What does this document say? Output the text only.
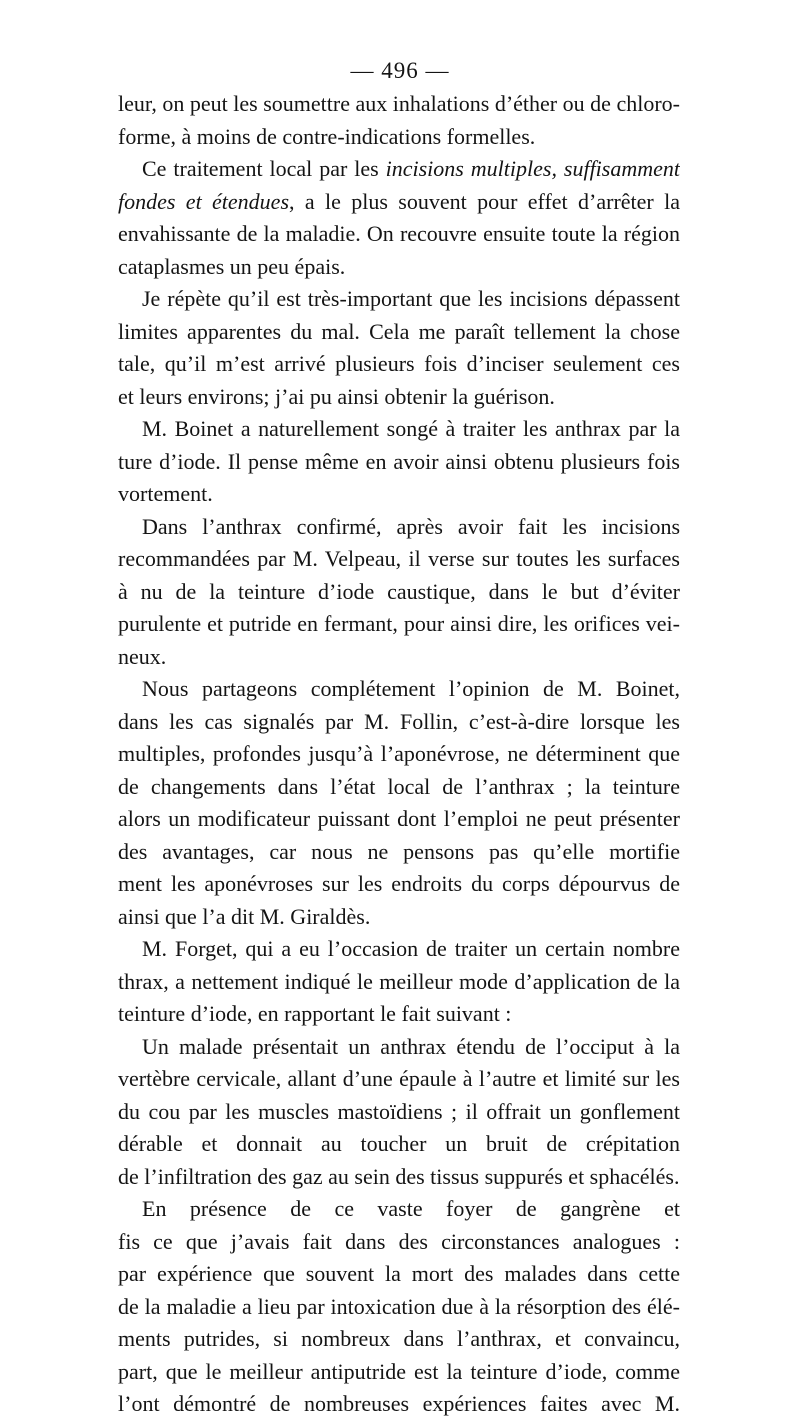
— 496 —
leur, on peut les soumettre aux inhalations d’éther ou de chloro-
forme, à moins de contre-indications formelles.
Ce traitement local par les incisions multiples, suffisamment
fondes et étendues, a le plus souvent pour effet d’arrêter la
envahissante de la maladie. On recouvre ensuite toute la région
cataplasmes un peu épais.
Je répète qu’il est très-important que les incisions dépassent
limites apparentes du mal. Cela me paraît tellement la chose
tale, qu’il m’est arrivé plusieurs fois d’inciser seulement ces
et leurs environs; j’ai pu ainsi obtenir la guérison.
M. Boinet a naturellement songé à traiter les anthrax par la
ture d’iode. Il pense même en avoir ainsi obtenu plusieurs fois
vortement.
Dans l’anthrax confirmé, après avoir fait les incisions
recommandées par M. Velpeau, il verse sur toutes les surfaces
à nu de la teinture d’iode caustique, dans le but d’éviter
purulente et putride en fermant, pour ainsi dire, les orifices vei-
neux.
Nous partageons complétement l’opinion de M. Boinet,
dans les cas signalés par M. Follin, c’est-à-dire lorsque les
multiples, profondes jusqu’à l’aponévrose, ne déterminent que
de changements dans l’état local de l’anthrax ; la teinture
alors un modificateur puissant dont l’emploi ne peut présenter
des avantages, car nous ne pensons pas qu’elle mortifie
ment les aponévroses sur les endroits du corps dépourvus de
ainsi que l’a dit M. Giraldès.
M. Forget, qui a eu l’occasion de traiter un certain nombre
thrax, a nettement indiqué le meilleur mode d’application de la
teinture d’iode, en rapportant le fait suivant :
Un malade présentait un anthrax étendu de l’occiput à la
vertèbre cervicale, allant d’une épaule à l’autre et limité sur les
du cou par les muscles mastoïdiens ; il offrait un gonflement
dérable et donnait au toucher un bruit de crépitation
de l’infiltration des gaz au sein des tissus suppurés et sphacélés.
En présence de ce vaste foyer de gangrène et
fis ce que j’avais fait dans des circonstances analogues :
par expérience que souvent la mort des malades dans cette
de la maladie a lieu par intoxication due à la résorption des élé-
ments putrides, si nombreux dans l’anthrax, et convaincu,
part, que le meilleur antiputride est la teinture d’iode, comme
l’ont démontré de nombreuses expériences faites avec M.
